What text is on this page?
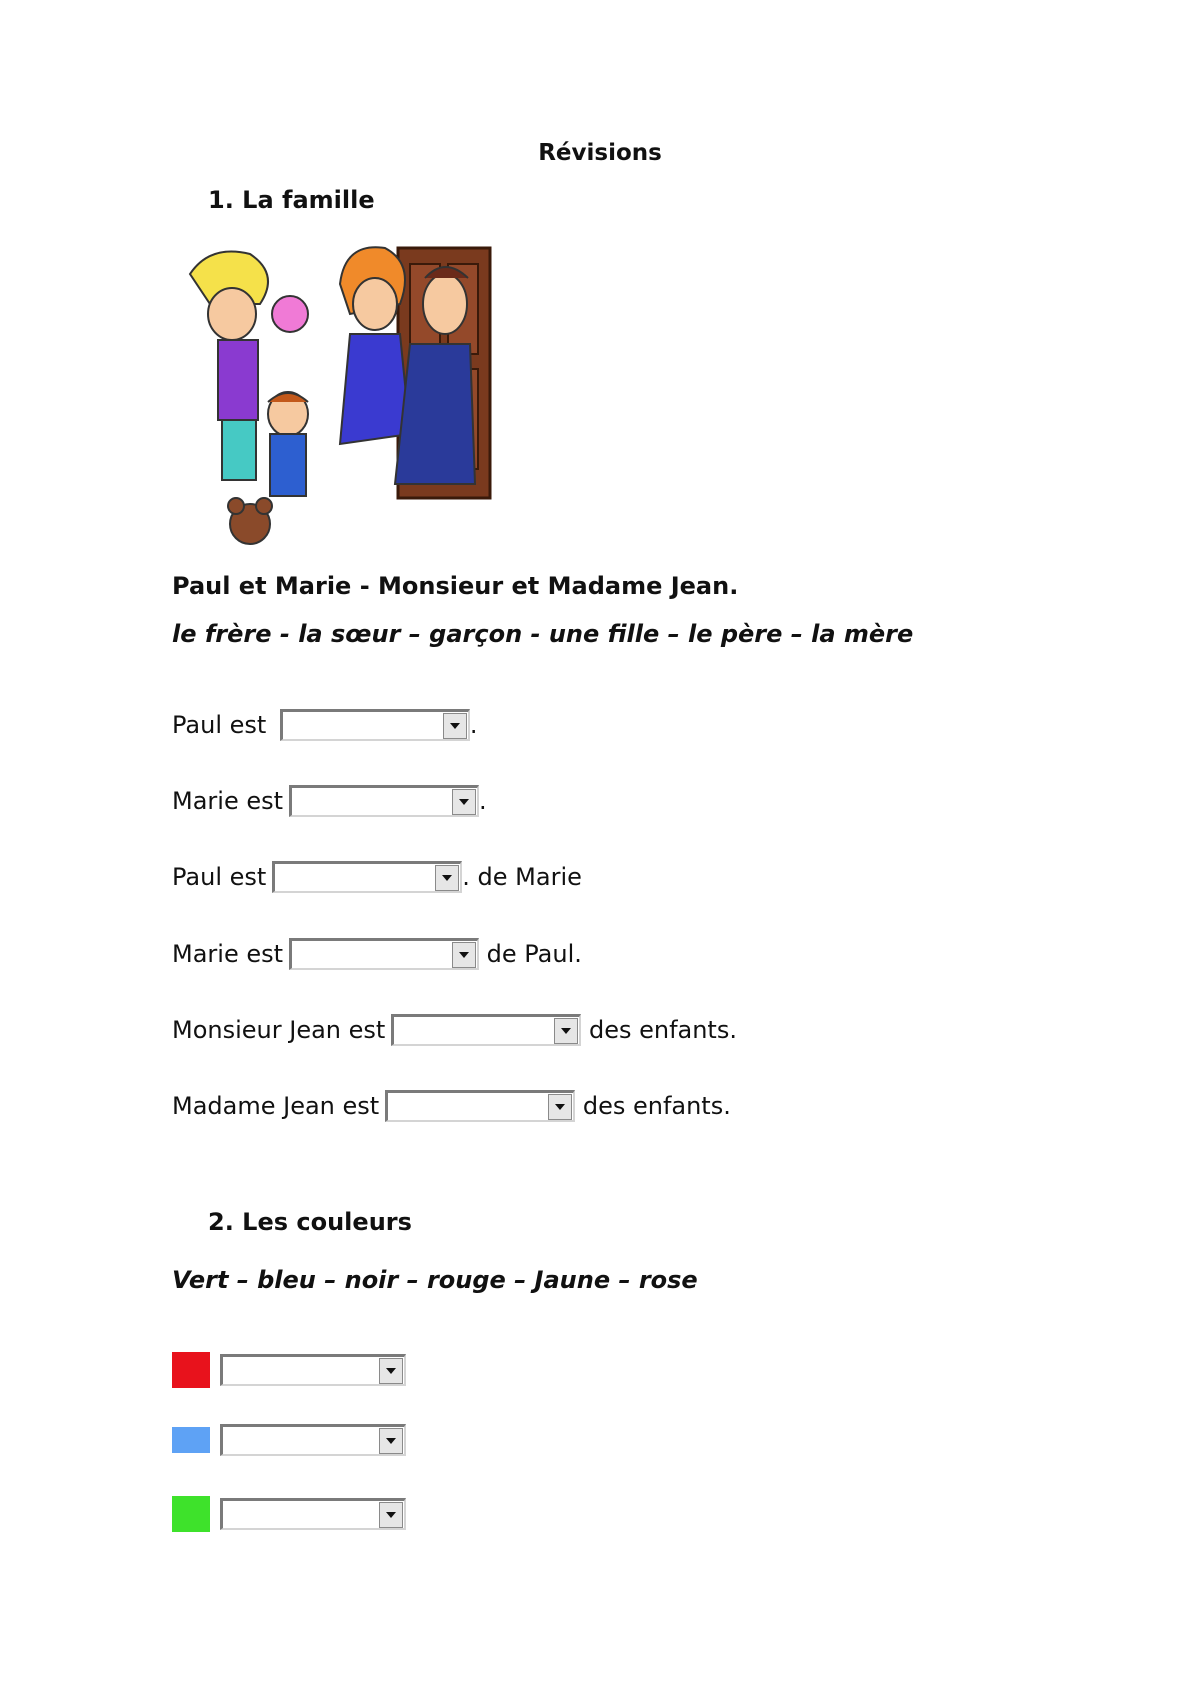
Révisions
1. La famille
Paul et Marie - Monsieur et Madame Jean.
le frère - la sœur – garçon - une fille – le père – la mère
Paul est

	.
Marie est

	.
Paul est

	. de Marie
Marie est

	de Paul.
Monsieur Jean est

	des enfants.
Madame Jean est

	des enfants.
2. Les couleurs
Vert – bleu – noir – rouge – Jaune – rose
